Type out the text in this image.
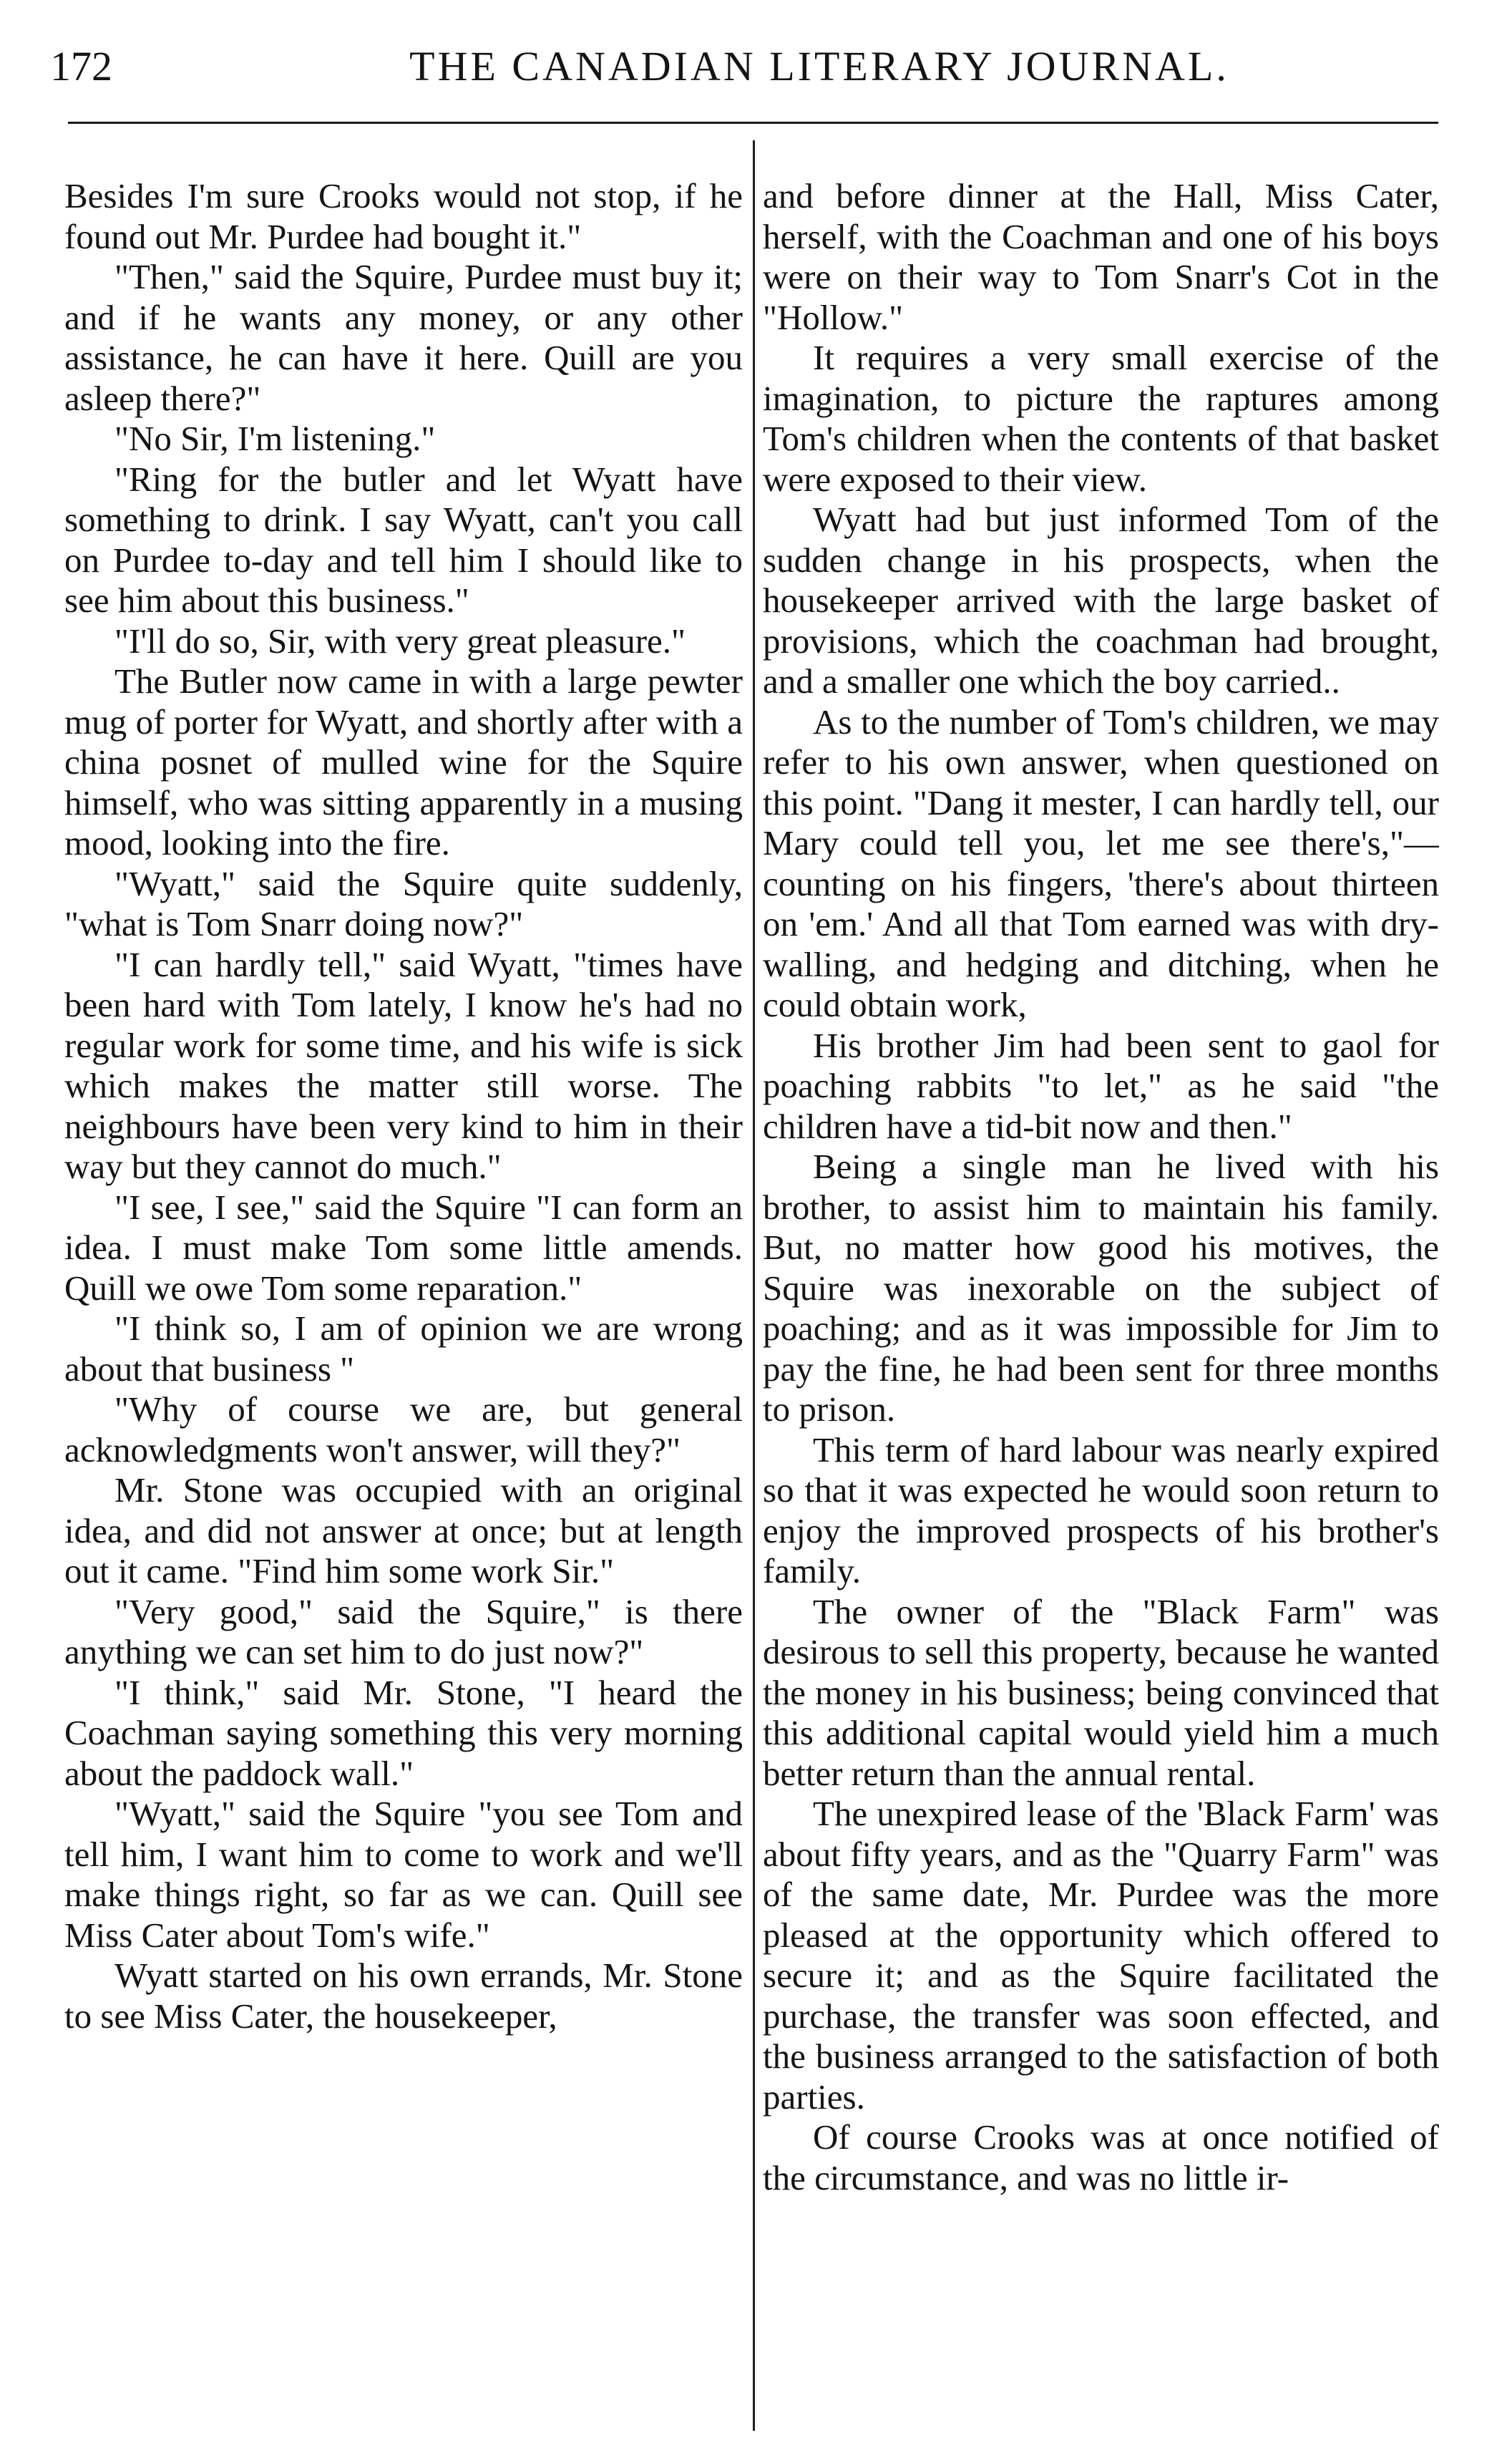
172	THE CANADIAN LITERARY JOURNAL.

Besides I'm sure Crooks would not stop, if he found out Mr. Purdee had bought it."

"Then," said the Squire, Purdee must buy it; and if he wants any money, or any other assistance, he can have it here. Quill are you asleep there?"

"No Sir, I'm listening."

"Ring for the butler and let Wyatt have something to drink. I say Wyatt, can't you call on Purdee to-day and tell him I should like to see him about this business."

"I'll do so, Sir, with very great pleasure."

The Butler now came in with a large pewter mug of porter for Wyatt, and shortly after with a china posnet of mulled wine for the Squire himself, who was sitting apparently in a musing mood, looking into the fire.

"Wyatt," said the Squire quite suddenly, "what is Tom Snarr doing now?"

"I can hardly tell," said Wyatt, "times have been hard with Tom lately, I know he's had no regular work for some time, and his wife is sick which makes the matter still worse. The neighbours have been very kind to him in their way but they cannot do much."

"I see, I see," said the Squire "I can form an idea. I must make Tom some little amends. Quill we owe Tom some reparation."

"I think so, I am of opinion we are wrong about that business "

"Why of course we are, but general acknowledgments won't answer, will they?"

Mr. Stone was occupied with an original idea, and did not answer at once; but at length out it came. "Find him some work Sir."

"Very good," said the Squire," is there anything we can set him to do just now?"

"I think," said Mr. Stone, "I heard the Coachman saying something this very morning about the paddock wall."

"Wyatt," said the Squire "you see Tom and tell him, I want him to come to work and we'll make things right, so far as we can. Quill see Miss Cater about Tom's wife."

Wyatt started on his own errands, Mr. Stone to see Miss Cater, the housekeeper,

and before dinner at the Hall, Miss Cater, herself, with the Coachman and one of his boys were on their way to Tom Snarr's Cot in the "Hollow."

It requires a very small exercise of the imagination, to picture the raptures among Tom's children when the contents of that basket were exposed to their view.

Wyatt had but just informed Tom of the sudden change in his prospects, when the housekeeper arrived with the large basket of provisions, which the coachman had brought, and a smaller one which the boy carried..

As to the number of Tom's children, we may refer to his own answer, when questioned on this point. "Dang it mester, I can hardly tell, our Mary could tell you, let me see there's,"—counting on his fingers, 'there's about thirteen on 'em.' And all that Tom earned was with dry-walling, and hedging and ditching, when he could obtain work,

His brother Jim had been sent to gaol for poaching rabbits "to let," as he said "the children have a tid-bit now and then."

Being a single man he lived with his brother, to assist him to maintain his family. But, no matter how good his motives, the Squire was inexorable on the subject of poaching; and as it was impossible for Jim to pay the fine, he had been sent for three months to prison.

This term of hard labour was nearly expired so that it was expected he would soon return to enjoy the improved prospects of his brother's family.

The owner of the "Black Farm" was desirous to sell this property, because he wanted the money in his business; being convinced that this additional capital would yield him a much better return than the annual rental.

The unexpired lease of the 'Black Farm' was about fifty years, and as the "Quarry Farm" was of the same date, Mr. Purdee was the more pleased at the opportunity which offered to secure it; and as the Squire facilitated the purchase, the transfer was soon effected, and the business arranged to the satisfaction of both parties.

Of course Crooks was at once notified of the circumstance, and was no little ir-
